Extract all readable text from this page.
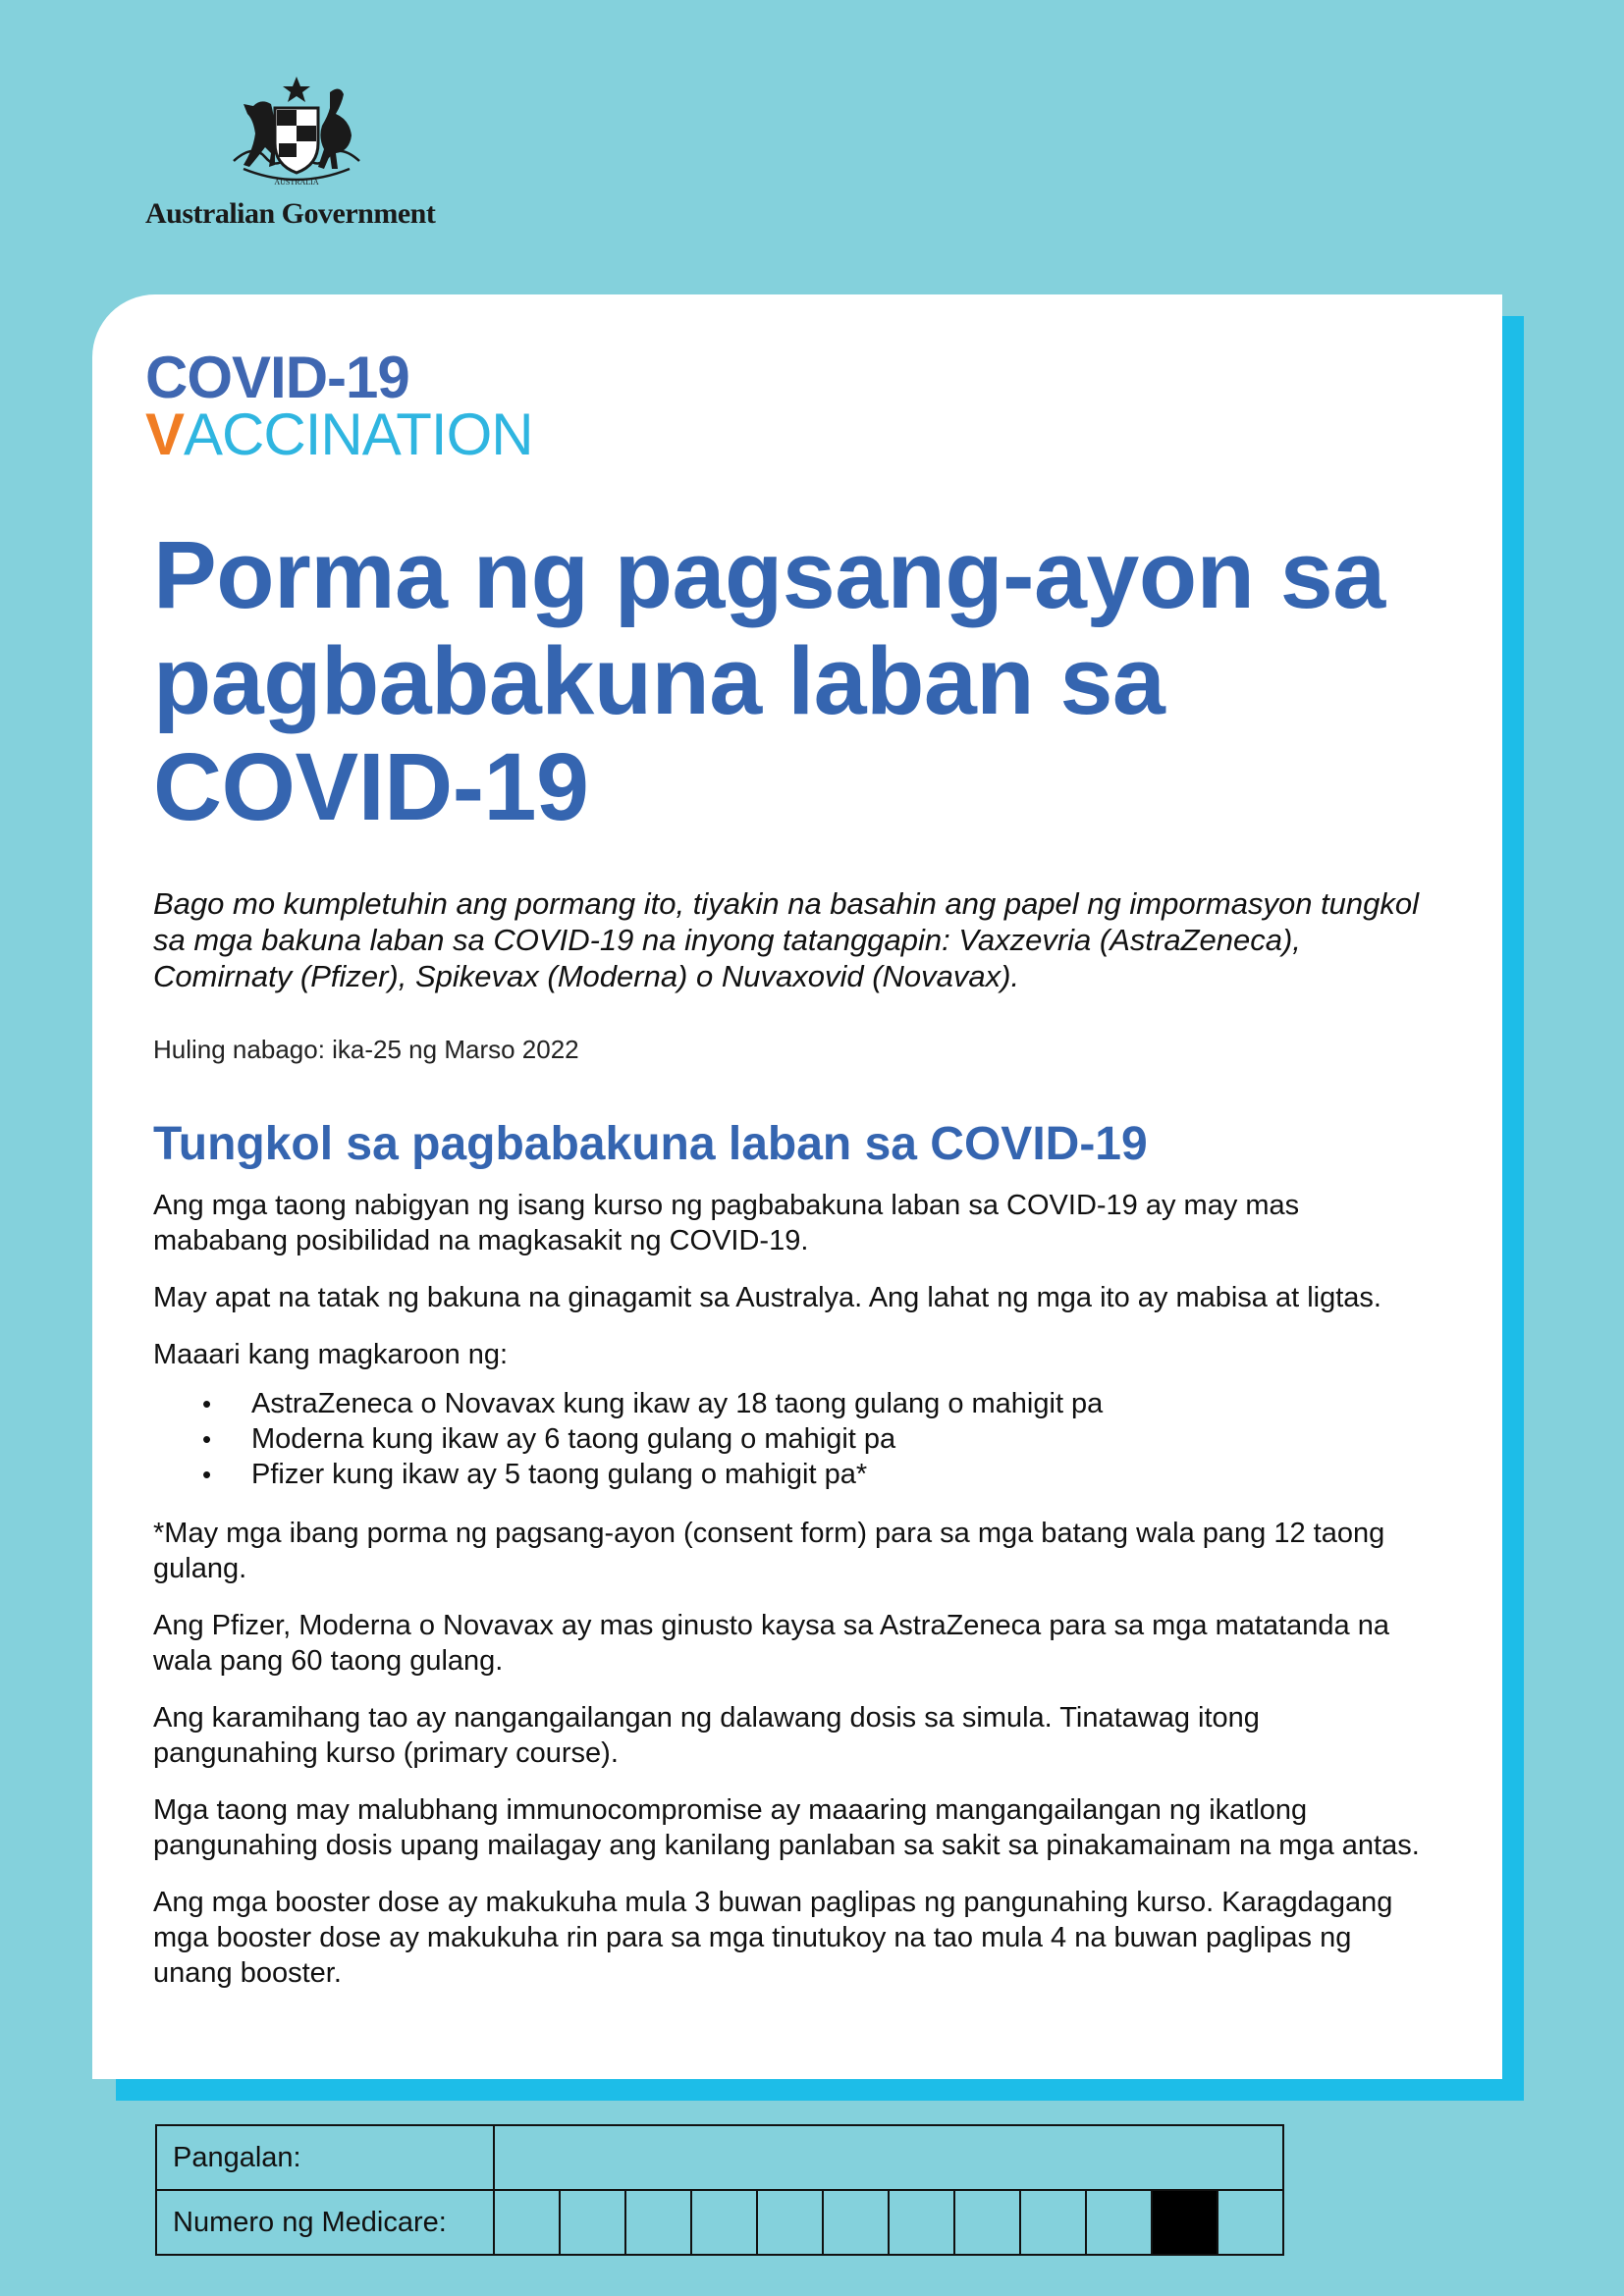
AUSTRALIA
Australian Government
COVID-19
VACCINATION
Porma ng pagsang-ayon sa pagbabakuna laban sa COVID-19

Bago mo kumpletuhin ang pormang ito, tiyakin na basahin ang papel ng impormasyon tungkol sa mga bakuna laban sa COVID-19 na inyong tatanggapin: Vaxzevria (AstraZeneca), Comirnaty (Pfizer), Spikevax (Moderna) o Nuvaxovid (Novavax).

Huling nabago: ika-25 ng Marso 2022

Tungkol sa pagbabakuna laban sa COVID-19

Ang mga taong nabigyan ng isang kurso ng pagbabakuna laban sa COVID-19 ay may mas mababang posibilidad na magkasakit ng COVID-19.

May apat na tatak ng bakuna na ginagamit sa Australya. Ang lahat ng mga ito ay mabisa at ligtas.

Maaari kang magkaroon ng:

• AstraZeneca o Novavax kung ikaw ay 18 taong gulang o mahigit pa
• Moderna kung ikaw ay 6 taong gulang o mahigit pa
• Pfizer kung ikaw ay 5 taong gulang o mahigit pa*

*May mga ibang porma ng pagsang-ayon (consent form) para sa mga batang wala pang 12 taong gulang.

Ang Pfizer, Moderna o Novavax ay mas ginusto kaysa sa AstraZeneca para sa mga matatanda na wala pang 60 taong gulang.

Ang karamihang tao ay nangangailangan ng dalawang dosis sa simula. Tinatawag itong pangunahing kurso (primary course).

Mga taong may malubhang immunocompromise ay maaaring mangangailangan ng ikatlong pangunahing dosis upang mailagay ang kanilang panlaban sa sakit sa pinakamainam na mga antas.

Ang mga booster dose ay makukuha mula 3 buwan paglipas ng pangunahing kurso. Karagdagang mga booster dose ay makukuha rin para sa mga tinutukoy na tao mula 4 na buwan paglipas ng unang booster.

Pangalan:												
Numero ng Medicare:												
